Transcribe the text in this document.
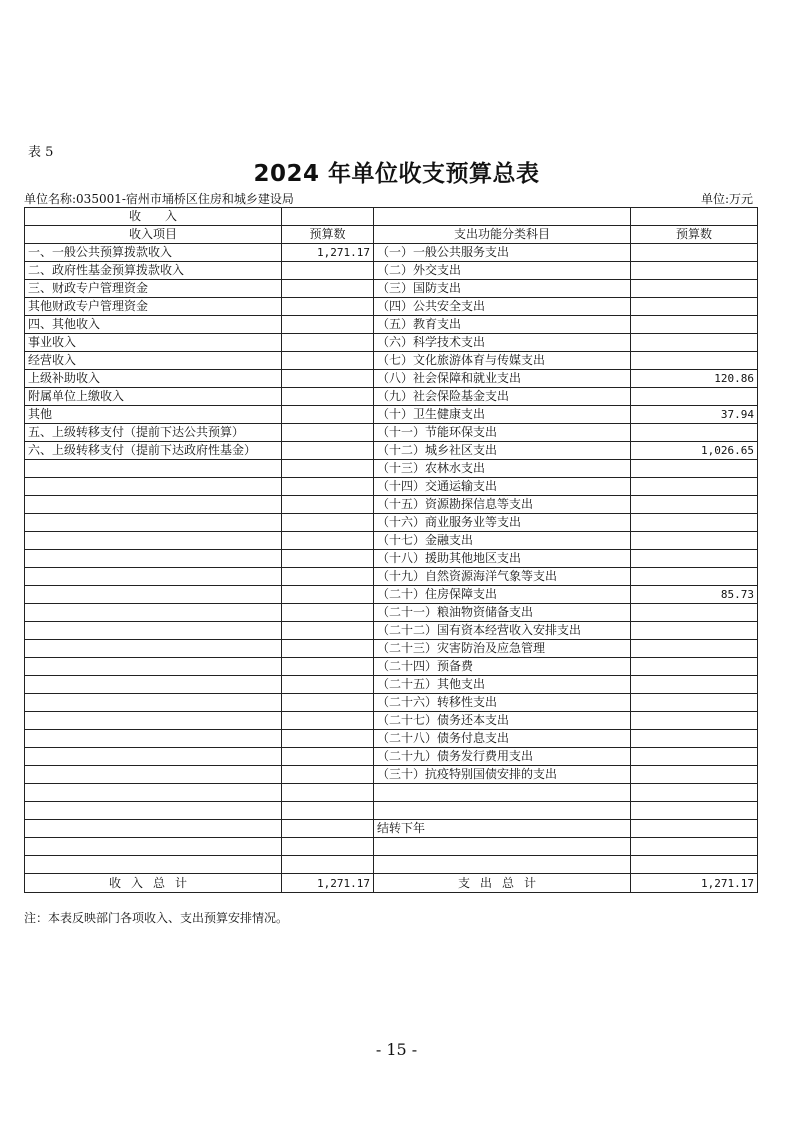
表 5
2024 年单位收支预算总表
单位名称:035001-宿州市埇桥区住房和城乡建设局	单位:万元
收　　入			
收入项目	预算数	支出功能分类科目	预算数
一、一般公共预算拨款收入	1,271.17	（一）一般公共服务支出	
二、政府性基金预算拨款收入		（二）外交支出	
三、财政专户管理资金		（三）国防支出	
其他财政专户管理资金		（四）公共安全支出	
四、其他收入		（五）教育支出	
事业收入		（六）科学技术支出	
经营收入		（七）文化旅游体育与传媒支出	
上级补助收入		（八）社会保障和就业支出	120.86
附属单位上缴收入		（九）社会保险基金支出	
其他		（十）卫生健康支出	37.94
五、上级转移支付（提前下达公共预算）		（十一）节能环保支出	
六、上级转移支付（提前下达政府性基金）		（十二）城乡社区支出	1,026.65
		（十三）农林水支出	
		（十四）交通运输支出	
		（十五）资源勘探信息等支出	
		（十六）商业服务业等支出	
		（十七）金融支出	
		（十八）援助其他地区支出	
		（十九）自然资源海洋气象等支出	
		（二十）住房保障支出	85.73
		（二十一）粮油物资储备支出	
		（二十二）国有资本经营收入安排支出	
		（二十三）灾害防治及应急管理	
		（二十四）预备费	
		（二十五）其他支出	
		（二十六）转移性支出	
		（二十七）债务还本支出	
		（二十八）债务付息支出	
		（二十九）债务发行费用支出	
		（三十）抗疫特别国债安排的支出	

		结转下年	

收入总计	1,271.17	支出总计	1,271.17
注：本表反映部门各项收入、支出预算安排情况。
- 15 -
